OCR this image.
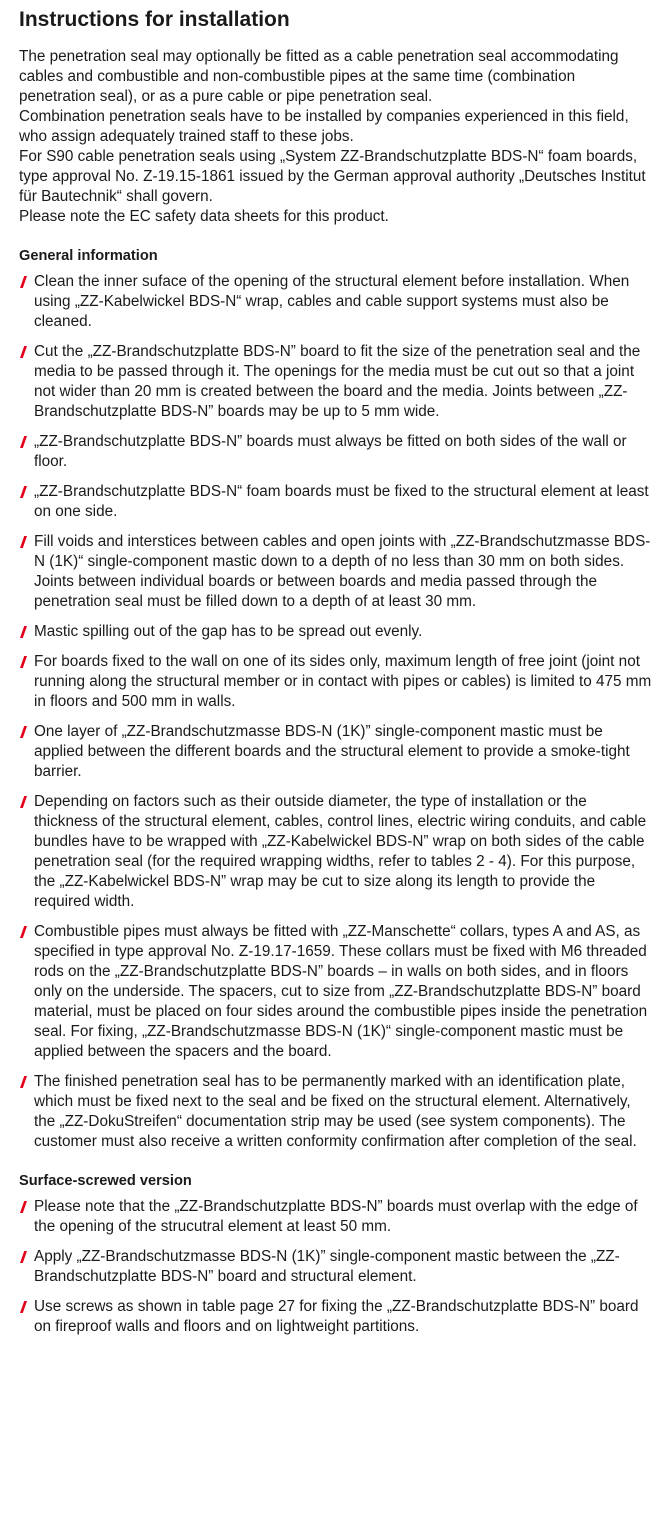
Instructions for installation

The penetration seal may optionally be fitted as a cable penetration seal accommodating cables and combustible and non-combustible pipes at the same time (combination penetration seal), or as a pure cable or pipe penetration seal.

Combination penetration seals have to be installed by companies experienced in this field, who assign adequately trained staff to these jobs.

For S90 cable penetration seals using „System ZZ-Brandschutzplatte BDS-N“ foam boards, type approval No. Z-19.15-1861 issued by the German approval authority „Deutsches Institut für Bautechnik“ shall govern.

Please note the EC safety data sheets for this product.

General information
Clean the inner suface of the opening of the structural element before installation. When using „ZZ-Kabelwickel BDS-N“ wrap, cables and cable support systems must also be cleaned.
Cut the „ZZ-Brandschutzplatte BDS-N” board to fit the size of the penetration seal and the media to be passed through it. The openings for the media must be cut out so that a joint not wider than 20 mm is created between the board and the media. Joints between „ZZ-Brandschutzplatte BDS-N” boards may be up to 5 mm wide.
„ZZ-Brandschutzplatte BDS-N” boards must always be fitted on both sides of the wall or floor.
„ZZ-Brandschutzplatte BDS-N“ foam boards must be fixed to the structural element at least on one side.
Fill voids and interstices between cables and open joints with „ZZ-Brandschutzmasse BDS-N (1K)“ single-component mastic down to a depth of no less than 30 mm on both sides. Joints between individual boards or between boards and media passed through the penetration seal must be filled down to a depth of at least 30 mm.
Mastic spilling out of the gap has to be spread out evenly.
For boards fixed to the wall on one of its sides only, maximum length of free joint (joint not running along the structural member or in contact with pipes or cables) is limited to 475 mm in floors and 500 mm in walls.
One layer of „ZZ-Brandschutzmasse BDS-N (1K)” single-component mastic must be applied between the different boards and the structural element to provide a smoke-tight barrier.
Depending on factors such as their outside diameter, the type of installation or the thickness of the structural element, cables, control lines, electric wiring conduits, and cable bundles have to be wrapped with „ZZ-Kabelwickel BDS-N” wrap on both sides of the cable penetration seal (for the required wrapping widths, refer to tables 2 - 4). For this purpose, the „ZZ-Kabelwickel BDS-N” wrap may be cut to size along its length to provide the required width.
Combustible pipes must always be fitted with „ZZ-Manschette“ collars, types A and AS, as specified in type approval No. Z-19.17-1659. These collars must be fixed with M6 threaded rods on the „ZZ-Brandschutzplatte BDS-N” boards – in walls on both sides, and in floors only on the underside. The spacers, cut to size from „ZZ-Brandschutzplatte BDS-N” board material, must be placed on four sides around the combustible pipes inside the penetration seal. For fixing, „ZZ-Brandschutzmasse BDS-N (1K)“ single-component mastic must be applied between the spacers and the board.
The finished penetration seal has to be permanently marked with an identification plate, which must be fixed next to the seal and be fixed on the structural element. Alternatively, the „ZZ-DokuStreifen“ documentation strip may be used (see system components). The customer must also receive a written conformity confirmation after completion of the seal.
Surface-screwed version
Please note that the „ZZ-Brandschutzplatte BDS-N” boards must overlap with the edge of the opening of the strucutral element at least 50 mm.
Apply „ZZ-Brandschutzmasse BDS-N (1K)” single-component mastic between the „ZZ-Brandschutzplatte BDS-N” board and structural element.
Use screws as shown in table page 27 for fixing the „ZZ-Brandschutzplatte BDS-N” board on fireproof walls and floors and on lightweight partitions.
